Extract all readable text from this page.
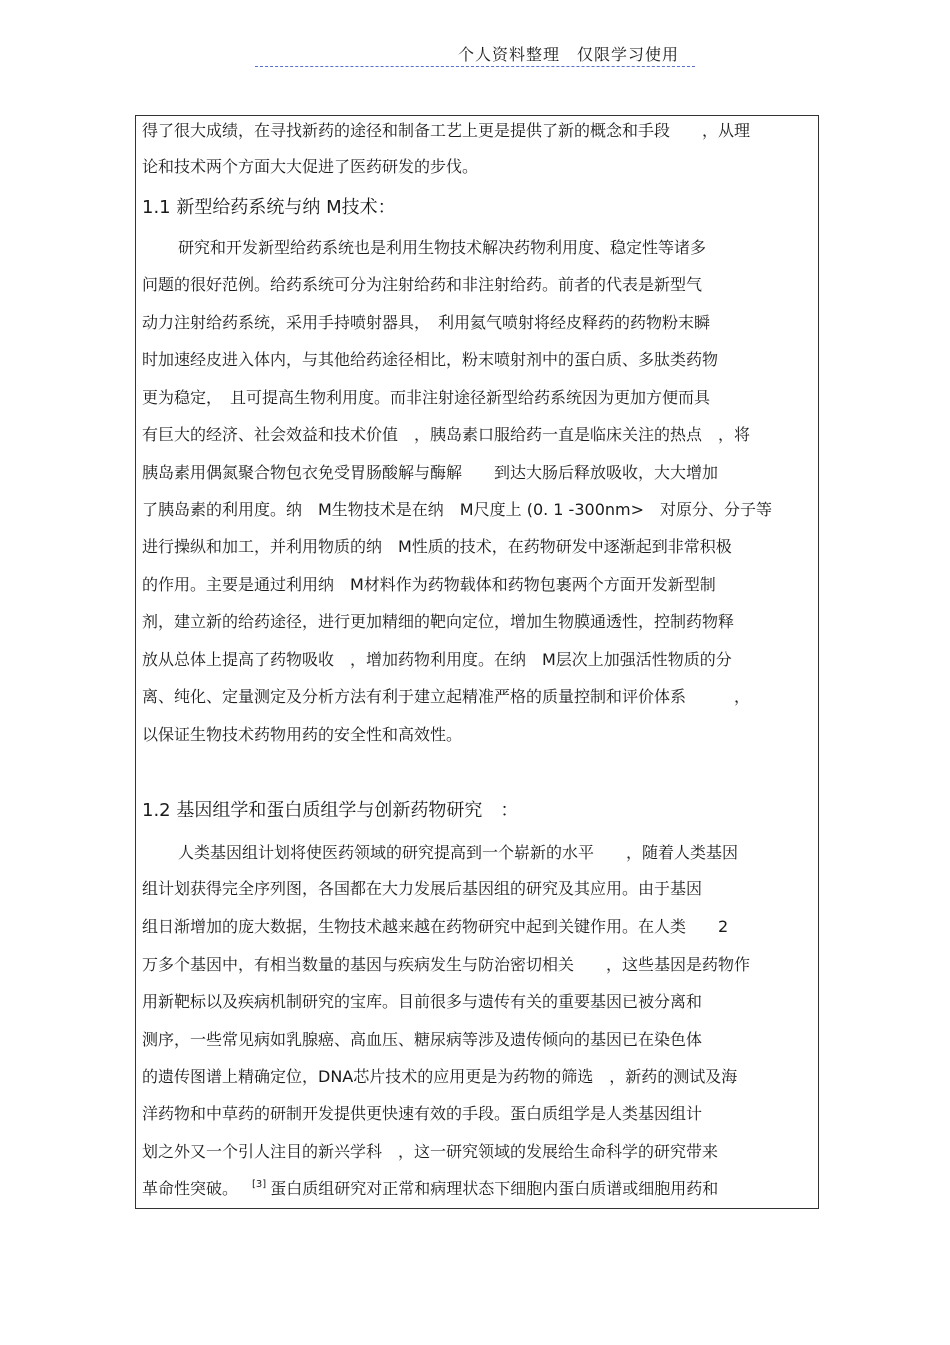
个人资料整理　仅限学习使用
得了很大成绩，在寻找新药的途径和制备工艺上更是提供了新的概念和手段　　，从理
论和技术两个方面大大促进了医药研发的步伐。
1.1 新型给药系统与纳 M技术：
研究和开发新型给药系统也是利用生物技术解决药物利用度、稳定性等诸多
问题的很好范例。给药系统可分为注射给药和非注射给药。前者的代表是新型气
动力注射给药系统，采用手持喷射器具，　利用氦气喷射将经皮释药的药物粉末瞬
时加速经皮进入体内，与其他给药途径相比，粉末喷射剂中的蛋白质、多肽类药物
更为稳定，　且可提高生物利用度。而非注射途径新型给药系统因为更加方便而具
有巨大的经济、社会效益和技术价值　，胰岛素口服给药一直是临床关注的热点　，将
胰岛素用偶氮聚合物包衣免受胃肠酸解与酶解　　到达大肠后释放吸收，大大增加
了胰岛素的利用度。纳　M生物技术是在纳　M尺度上 (0. 1 -300nm>　对原分、分子等
进行操纵和加工，并利用物质的纳　M性质的技术，在药物研发中逐渐起到非常积极
的作用。主要是通过利用纳　M材料作为药物载体和药物包裹两个方面开发新型制
剂，建立新的给药途径，进行更加精细的靶向定位，增加生物膜通透性，控制药物释
放从总体上提高了药物吸收　，增加药物利用度。在纳　M层次上加强活性物质的分
离、纯化、定量测定及分析方法有利于建立起精准严格的质量控制和评价体系　　　，
以保证生物技术药物用药的安全性和高效性。
1.2 基因组学和蛋白质组学与创新药物研究　：
人类基因组计划将使医药领域的研究提高到一个崭新的水平　　，随着人类基因
组计划获得完全序列图，各国都在大力发展后基因组的研究及其应用。由于基因
组日渐增加的庞大数据，生物技术越来越在药物研究中起到关键作用。在人类　　2
万多个基因中，有相当数量的基因与疾病发生与防治密切相关　　，这些基因是药物作
用新靶标以及疾病机制研究的宝库。目前很多与遗传有关的重要基因已被分离和
测序，一些常见病如乳腺癌、高血压、糖尿病等涉及遗传倾向的基因已在染色体
的遗传图谱上精确定位，DNA芯片技术的应用更是为药物的筛选　，新药的测试及海
洋药物和中草药的研制开发提供更快速有效的手段。蛋白质组学是人类基因组计
划之外又一个引人注目的新兴学科　，这一研究领域的发展给生命科学的研究带来
革命性突破。 [3] 蛋白质组研究对正常和病理状态下细胞内蛋白质谱或细胞用药和
